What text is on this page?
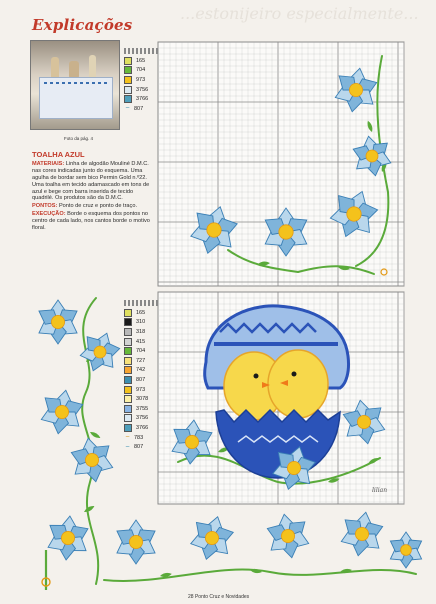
...estonijeiro especialmente...
Explicações
Foto da pág. 4
165
704
973
3756
3766
~ 807
165
310
318
415
704
727
742
807
973
3078
3755
3756
3766
~ 783
~ 807
TOALHA AZUL

MATERIAIS: Linha de algodão Mouliné D.M.C. nas cores indicadas junto do esquema. Uma agulha de bordar sem bico Permin Gold n.º22. Uma toalha em tecido adamascado em tons de azul e bege com barra inserida de tecido quadrilé. Os produtos são da D.M.C.

PONTOS: Ponto de cruz e ponto de traço.

EXECUÇÃO: Borde o esquema dos pontos no centro de cada lado, nos cantos borde o motivo floral.

lilian
28 Ponto Cruz e Novidades
